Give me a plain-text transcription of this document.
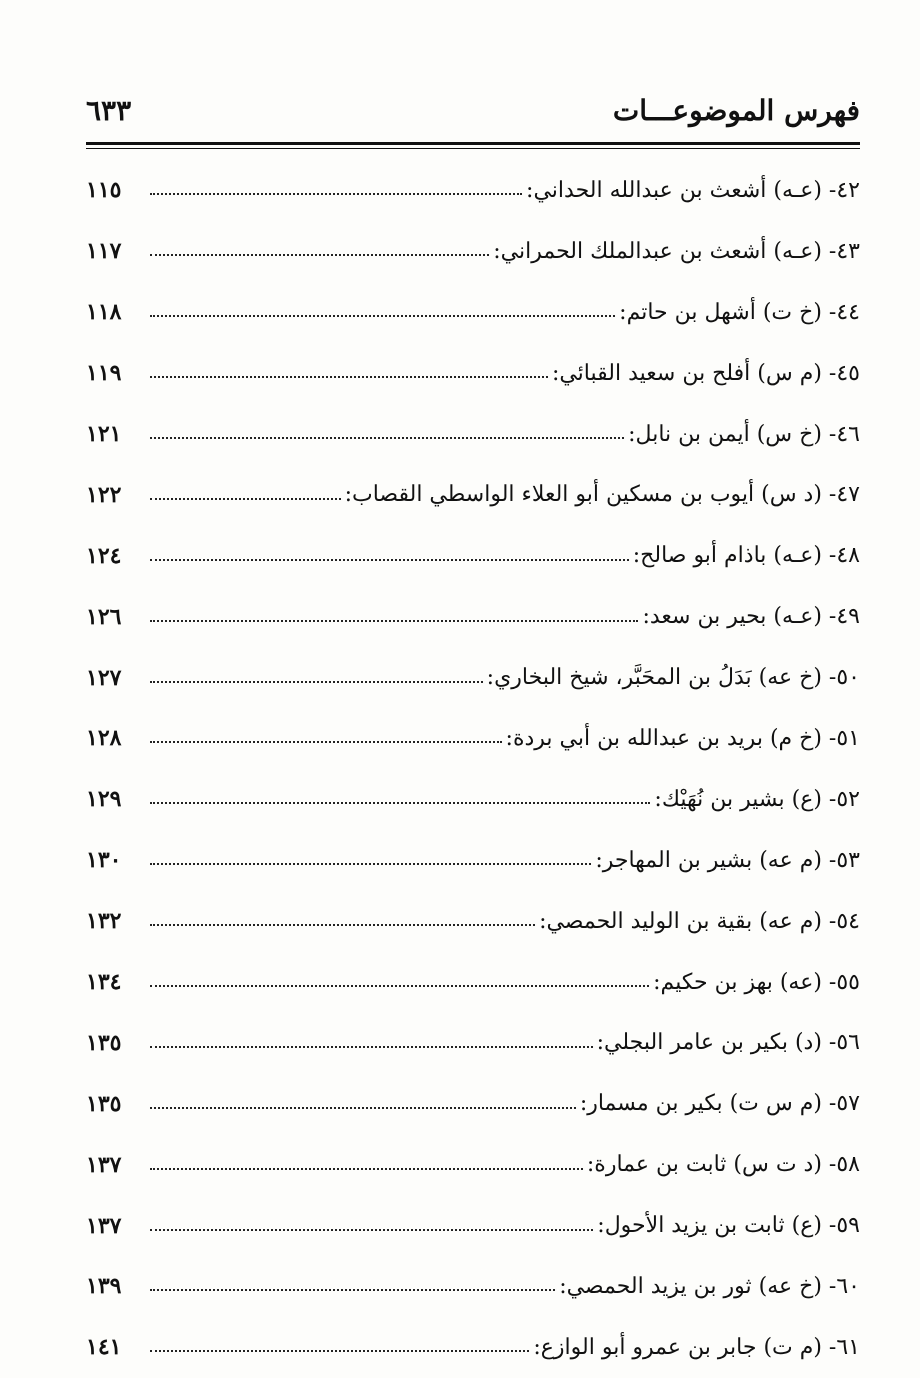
فهرس الموضوعـــات
٦٣٣
٤٢- (عـه) أشعث بن عبدالله الحداني:
١١٥
٤٣- (عـه) أشعث بن عبدالملك الحمراني:
١١٧
٤٤- (خ ت) أشهل بن حاتم:
١١٨
٤٥- (م س) أفلح بن سعيد القبائي:
١١٩
٤٦- (خ س) أيمن بن نابل:
١٢١
٤٧- (د س) أيوب بن مسكين أبو العلاء الواسطي القصاب:
١٢٢
٤٨- (عـه) باذام أبو صالح:
١٢٤
٤٩- (عـه) بحير بن سعد:
١٢٦
٥٠- (خ عه) بَدَلُ بن المحَبَّر، شيخ البخاري:
١٢٧
٥١- (خ م) بريد بن عبدالله بن أبي بردة:
١٢٨
٥٢- (ع) بشير بن نُهَيْك:
١٢٩
٥٣- (م عه) بشير بن المهاجر:
١٣٠
٥٤- (م عه) بقية بن الوليد الحمصي:
١٣٢
٥٥- (عه) بهز بن حكيم:
١٣٤
٥٦- (د) بكير بن عامر البجلي:
١٣٥
٥٧- (م س ت) بكير بن مسمار:
١٣٥
٥٨- (د ت س) ثابت بن عمارة:
١٣٧
٥٩- (ع) ثابت بن يزيد الأحول:
١٣٧
٦٠- (خ عه) ثور بن يزيد الحمصي:
١٣٩
٦١- (م ت) جابر بن عمرو أبو الوازع:
١٤١
